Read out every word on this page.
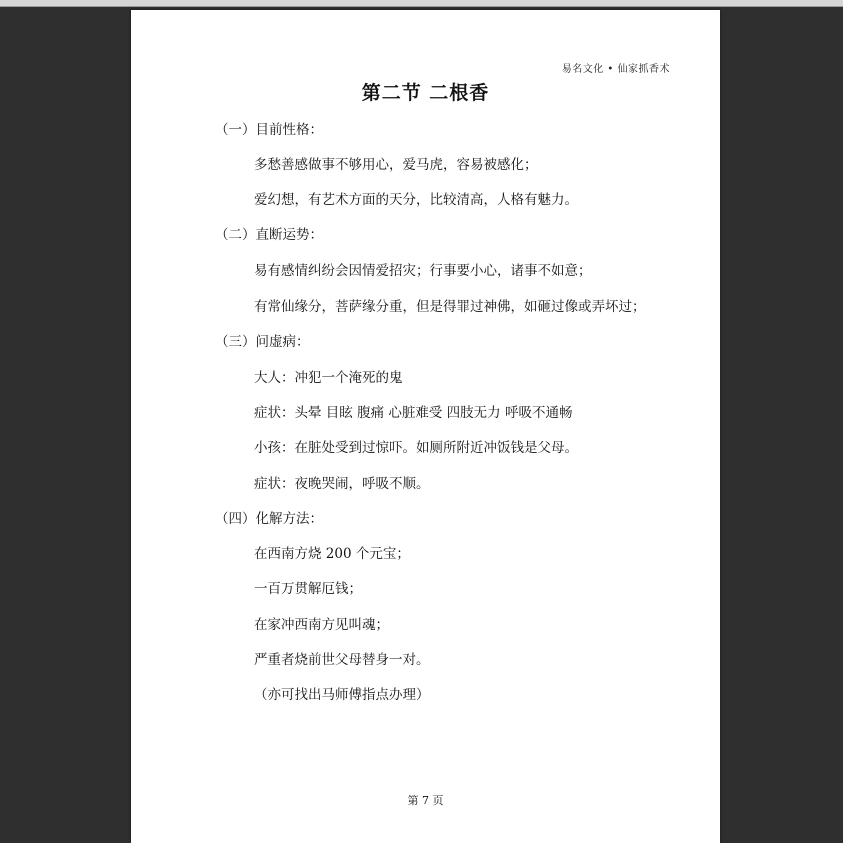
易名文化 • 仙家抓香术
第二节 二根香
（一）目前性格：
多愁善感做事不够用心，爱马虎，容易被感化；
爱幻想，有艺术方面的天分，比较清高，人格有魅力。
（二）直断运势：
易有感情纠纷会因情爱招灾；行事要小心，诸事不如意；
有常仙缘分，菩萨缘分重，但是得罪过神佛，如砸过像或弄坏过；
（三）问虚病：
大人：冲犯一个淹死的鬼
症状：头晕 目眩 腹痛 心脏难受 四肢无力 呼吸不通畅
小孩：在脏处受到过惊吓。如厕所附近冲饭钱是父母。
症状：夜晚哭闹，呼吸不顺。
（四）化解方法：
在西南方烧 200 个元宝；
一百万贯解厄钱；
在家冲西南方见叫魂；
严重者烧前世父母替身一对。
（亦可找出马师傅指点办理）
第 7 页
